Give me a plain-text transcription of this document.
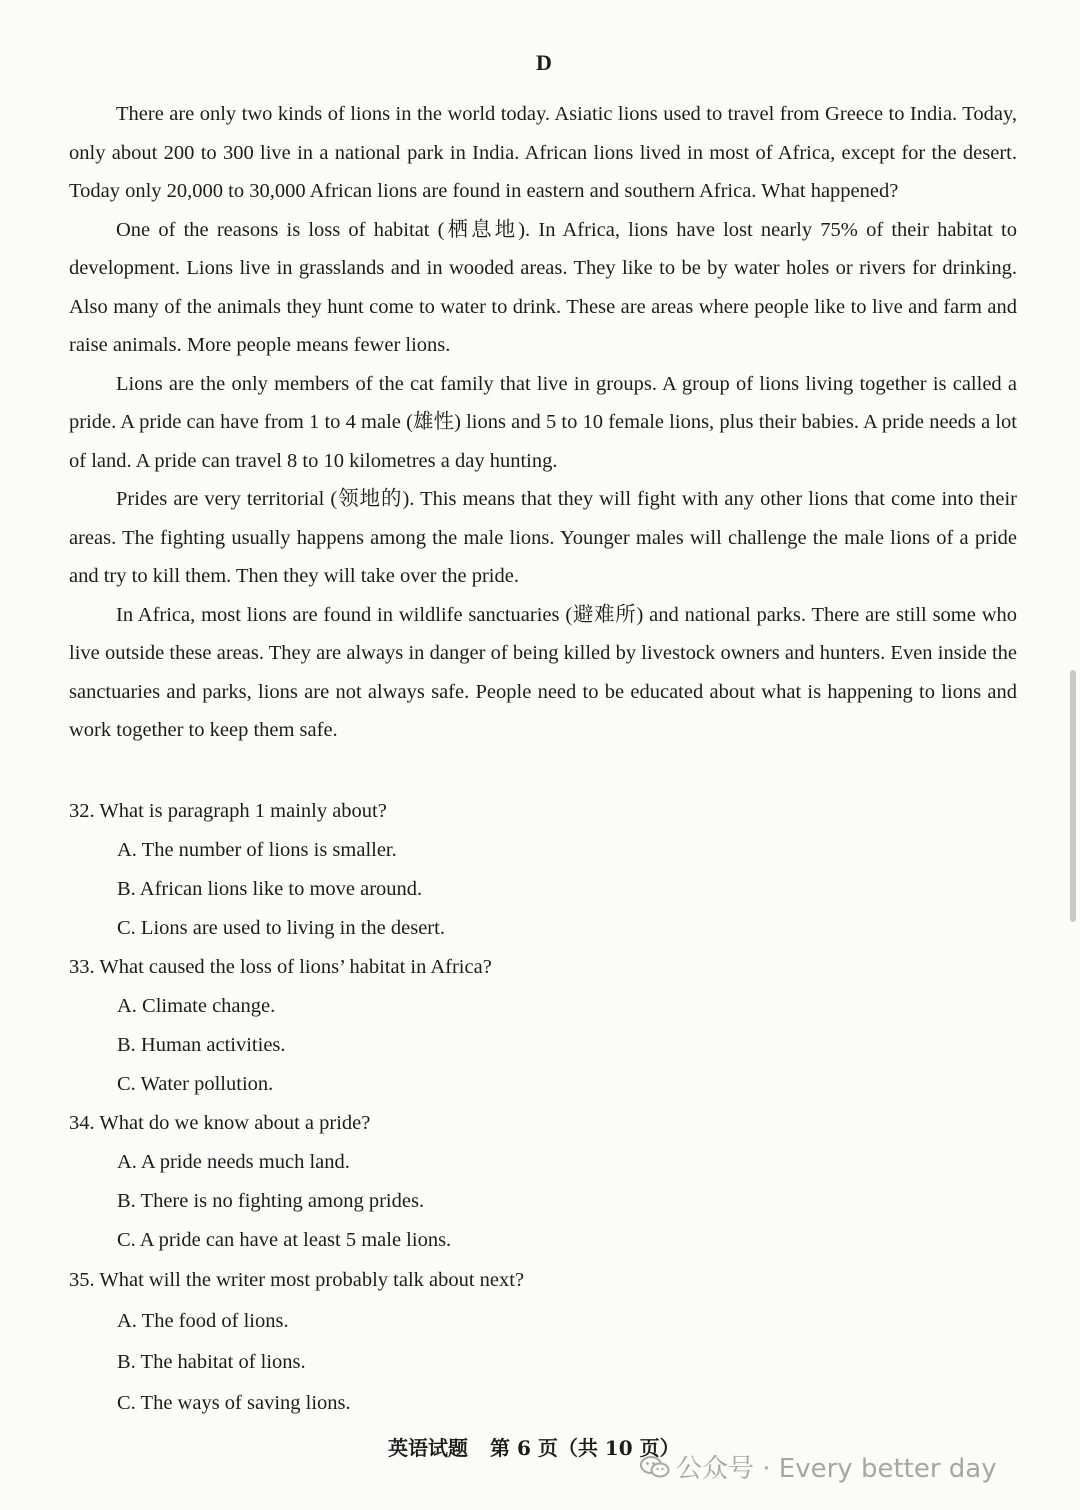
D

There are only two kinds of lions in the world today. Asiatic lions used to travel from Greece to India. Today, only about 200 to 300 live in a national park in India. African lions lived in most of Africa, except for the desert. Today only 20,000 to 30,000 African lions are found in eastern and southern Africa. What happened?

One of the reasons is loss of habitat (栖息地). In Africa, lions have lost nearly 75% of their habitat to development. Lions live in grasslands and in wooded areas. They like to be by water holes or rivers for drinking. Also many of the animals they hunt come to water to drink. These are areas where people like to live and farm and raise animals. More people means fewer lions.

Lions are the only members of the cat family that live in groups. A group of lions living together is called a pride. A pride can have from 1 to 4 male (雄性) lions and 5 to 10 female lions, plus their babies. A pride needs a lot of land. A pride can travel 8 to 10 kilometres a day hunting.

Prides are very territorial (领地的). This means that they will fight with any other lions that come into their areas. The fighting usually happens among the male lions. Younger males will challenge the male lions of a pride and try to kill them. Then they will take over the pride.

In Africa, most lions are found in wildlife sanctuaries (避难所) and national parks. There are still some who live outside these areas. They are always in danger of being killed by livestock owners and hunters. Even inside the sanctuaries and parks, lions are not always safe. People need to be educated about what is happening to lions and work together to keep them safe.

32. What is paragraph 1 mainly about?
A. The number of lions is smaller.
B. African lions like to move around.
C. Lions are used to living in the desert.
33. What caused the loss of lions’ habitat in Africa?
A. Climate change.
B. Human activities.
C. Water pollution.
34. What do we know about a pride?
A. A pride needs much land.
B. There is no fighting among prides.
C. A pride can have at least 5 male lions.
35. What will the writer most probably talk about next?
A. The food of lions.
B. The habitat of lions.
C. The ways of saving lions.
英语试题 第 6 页（共 10 页）
公众号 · Every better day
